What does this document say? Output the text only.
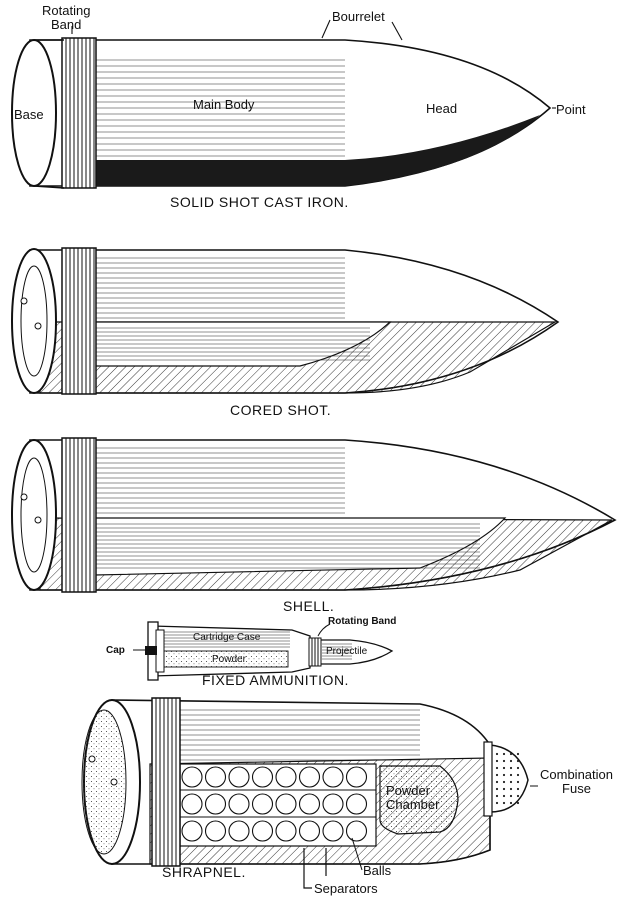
Rotating
Band
Bourrelet
Base
Main Body	Head	Point
SOLID SHOT CAST IRON.
CORED SHOT.
SHELL.
Rotating Band
Cap
Cartridge Case
Powder
Projectile
FIXED AMMUNITION.
Combination
Fuse
Powder
Chamber
Balls
Separators
SHRAPNEL.
